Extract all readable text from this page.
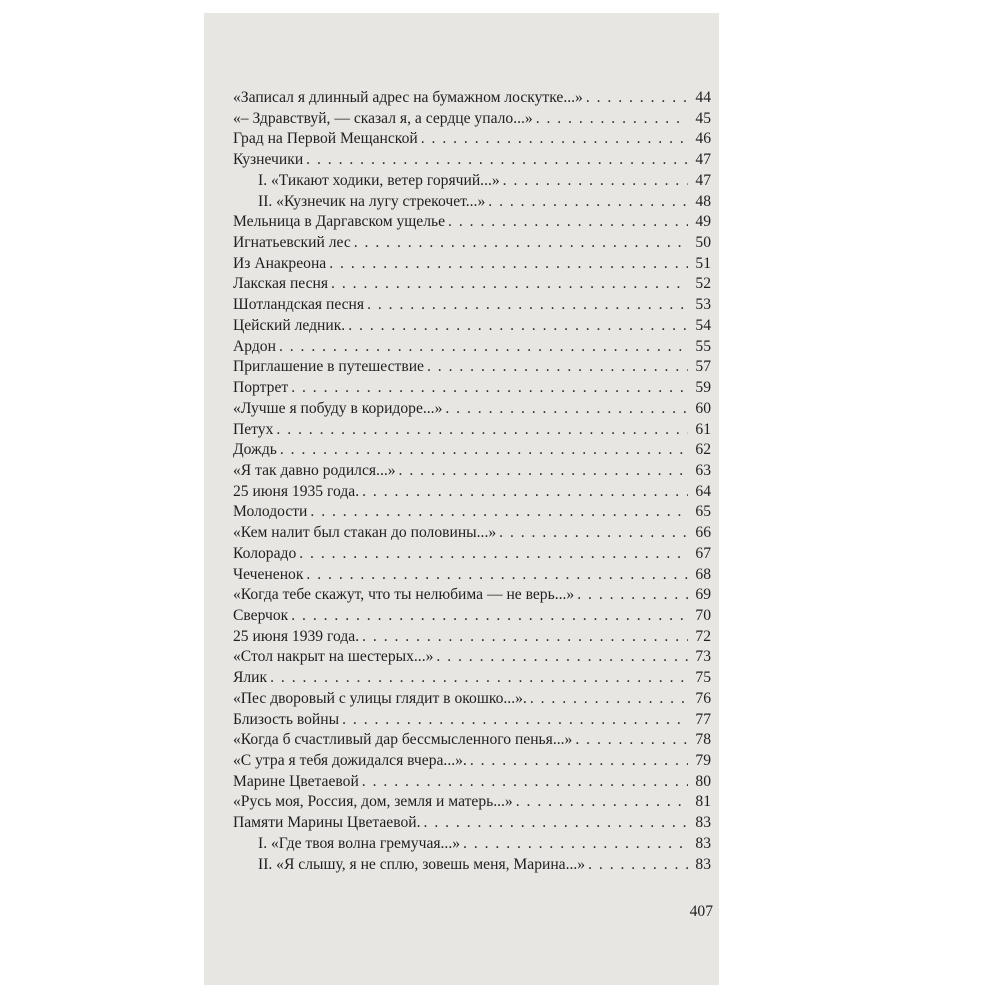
«Записал я длинный адрес на бумажном лоскутке...» . . .	44
«– Здравствуй, — сказал я, а сердце упало...» . . .	45
Град на Первой Мещанской . . .	46
Кузнечики . . .	47
I. «Тикают ходики, ветер горячий...» . . .	47
II. «Кузнечик на лугу стрекочет...» . . .	48
Мельница в Даргавском ущелье . . .	49
Игнатьевский лес . . .	50
Из Анакреона . . .	51
Лакская песня . . .	52
Шотландская песня . . .	53
Цейский ледник. . . .	54
Ардон . . .	55
Приглашение в путешествие . . .	57
Портрет . . .	59
«Лучше я побуду в коридоре...» . . .	60
Петух . . .	61
Дождь . . .	62
«Я так давно родился...» . . .	63
25 июня 1935 года. . . .	64
Молодости . . .	65
«Кем налит был стакан до половины...» . . .	66
Колорадо . . .	67
Чечененок . . .	68
«Когда тебе скажут, что ты нелюбима — не верь...» . . .	69
Сверчок . . .	70
25 июня 1939 года. . . .	72
«Стол накрыт на шестерых...» . . .	73
Ялик . . .	75
«Пес дворовый с улицы глядит в окошко...». . . .	76
Близость войны . . .	77
«Когда б счастливый дар бессмысленного пенья...» . . .	78
«С утра я тебя дожидался вчера...». . . .	79
Марине Цветаевой . . .	80
«Русь моя, Россия, дом, земля и матерь...» . . .	81
Памяти Марины Цветаевой. . . .	83
I. «Где твоя волна гремучая...» . . .	83
II. «Я слышу, я не сплю, зовешь меня, Марина...» . . .	83
407
